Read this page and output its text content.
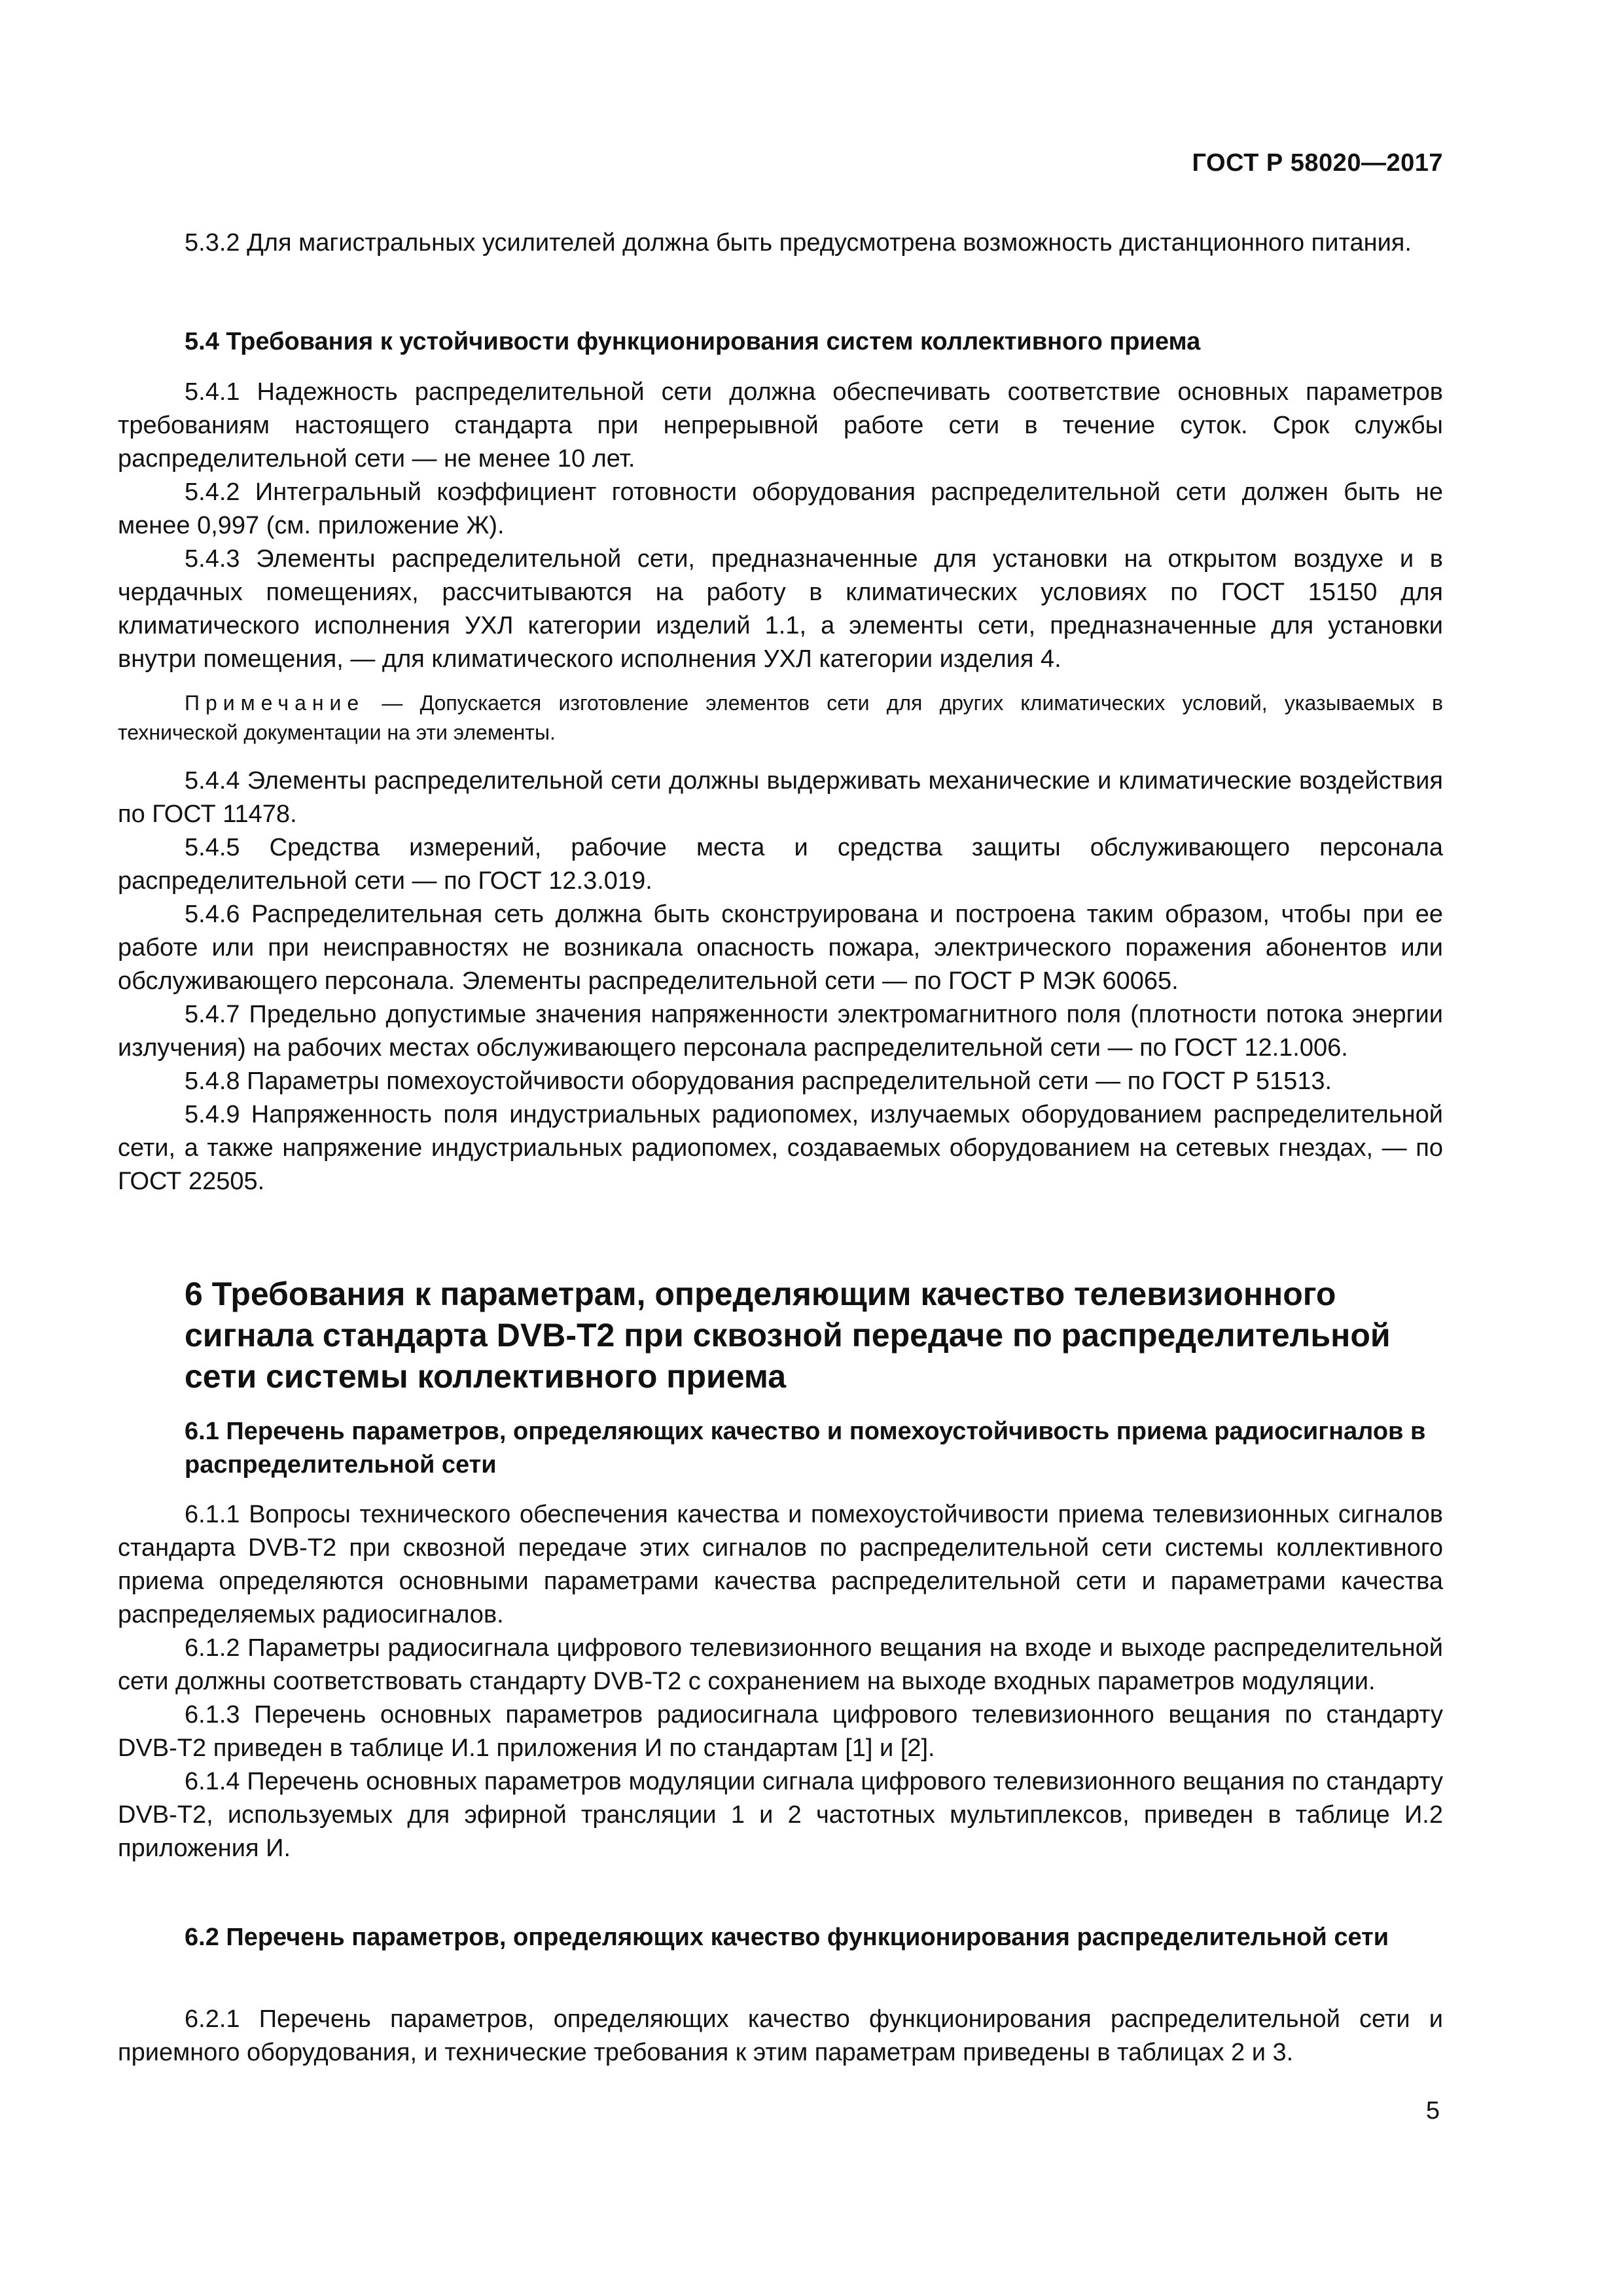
ГОСТ Р 58020—2017

5.3.2 Для магистральных усилителей должна быть предусмотрена возможность дистанционного питания.

5.4 Требования к устойчивости функционирования систем коллективного приема

5.4.1 Надежность распределительной сети должна обеспечивать соответствие основных параметров требованиям настоящего стандарта при непрерывной работе сети в течение суток. Срок службы распределительной сети — не менее 10 лет.

5.4.2 Интегральный коэффициент готовности оборудования распределительной сети должен быть не менее 0,997 (см. приложение Ж).

5.4.3 Элементы распределительной сети, предназначенные для установки на открытом воздухе и в чердачных помещениях, рассчитываются на работу в климатических условиях по ГОСТ 15150 для климатического исполнения УХЛ категории изделий 1.1, а элементы сети, предназначенные для установки внутри помещения, — для климатического исполнения УХЛ категории изделия 4.

Примечание — Допускается изготовление элементов сети для других климатических условий, указываемых в технической документации на эти элементы.

5.4.4 Элементы распределительной сети должны выдерживать механические и климатические воздействия по ГОСТ 11478.

5.4.5 Средства измерений, рабочие места и средства защиты обслуживающего персонала распределительной сети — по ГОСТ 12.3.019.

5.4.6 Распределительная сеть должна быть сконструирована и построена таким образом, чтобы при ее работе или при неисправностях не возникала опасность пожара, электрического поражения абонентов или обслуживающего персонала. Элементы распределительной сети — по ГОСТ Р МЭК 60065.

5.4.7 Предельно допустимые значения напряженности электромагнитного поля (плотности потока энергии излучения) на рабочих местах обслуживающего персонала распределительной сети — по ГОСТ 12.1.006.

5.4.8 Параметры помехоустойчивости оборудования распределительной сети — по ГОСТ Р 51513.

5.4.9 Напряженность поля индустриальных радиопомех, излучаемых оборудованием распределительной сети, а также напряжение индустриальных радиопомех, создаваемых оборудованием на сетевых гнездах, — по ГОСТ 22505.

6 Требования к параметрам, определяющим качество телевизионного сигнала стандарта DVB-T2 при сквозной передаче по распределительной сети системы коллективного приема

6.1 Перечень параметров, определяющих качество и помехоустойчивость приема радиосигналов в распределительной сети

6.1.1 Вопросы технического обеспечения качества и помехоустойчивости приема телевизионных сигналов стандарта DVB-T2 при сквозной передаче этих сигналов по распределительной сети системы коллективного приема определяются основными параметрами качества распределительной сети и параметрами качества распределяемых радиосигналов.

6.1.2 Параметры радиосигнала цифрового телевизионного вещания на входе и выходе распределительной сети должны соответствовать стандарту DVB-T2 с сохранением на выходе входных параметров модуляции.

6.1.3 Перечень основных параметров радиосигнала цифрового телевизионного вещания по стандарту DVB-T2 приведен в таблице И.1 приложения И по стандартам [1] и [2].

6.1.4 Перечень основных параметров модуляции сигнала цифрового телевизионного вещания по стандарту DVB-T2, используемых для эфирной трансляции 1 и 2 частотных мультиплексов, приведен в таблице И.2 приложения И.

6.2 Перечень параметров, определяющих качество функционирования распределительной сети

6.2.1 Перечень параметров, определяющих качество функционирования распределительной сети и приемного оборудования, и технические требования к этим параметрам приведены в таблицах 2 и 3.

5
